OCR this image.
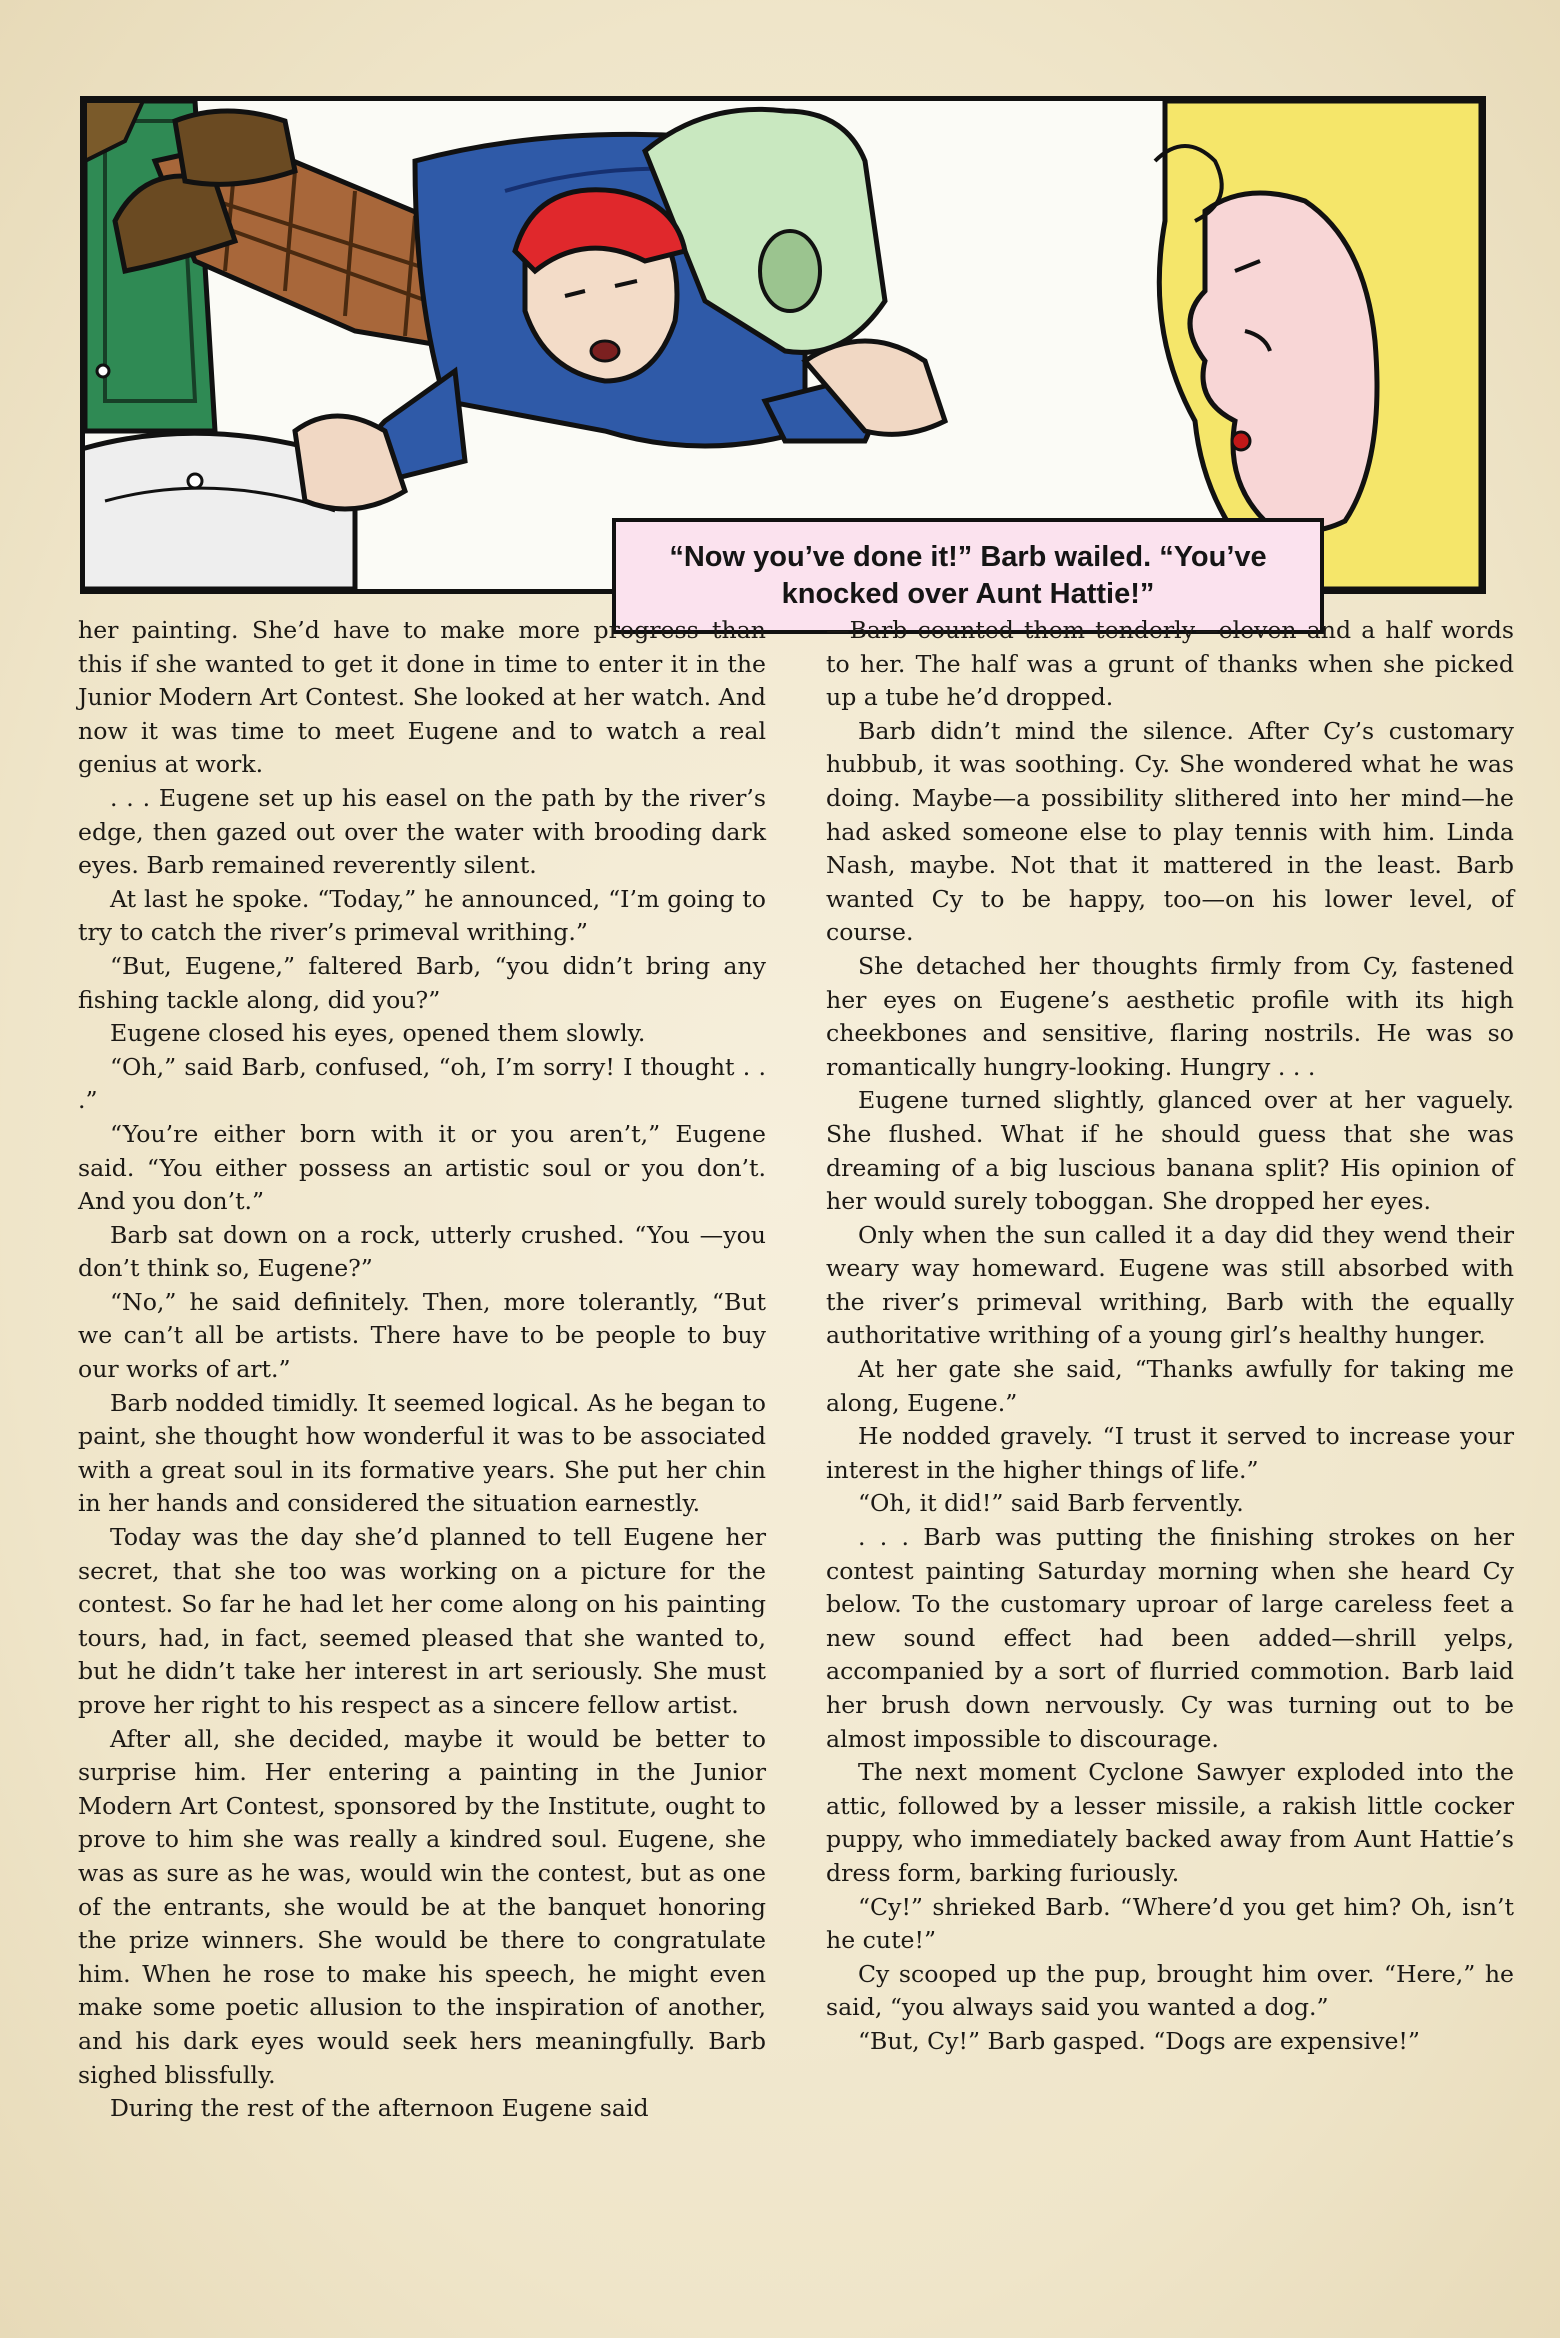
“Now you’ve done it!” Barb wailed. “You’ve
knocked over Aunt Hattie!”

her painting. She’d have to make more progress than this if she wanted to get it done in time to enter it in the Junior Modern Art Contest. She looked at her watch. And now it was time to meet Eugene and to watch a real genius at work.

. . . Eugene set up his easel on the path by the river’s edge, then gazed out over the water with brooding dark eyes. Barb remained reverently silent.

At last he spoke. “Today,” he announced, “I’m going to try to catch the river’s primeval writhing.”

“But, Eugene,” faltered Barb, “you didn’t bring any fishing tackle along, did you?”

Eugene closed his eyes, opened them slowly.

“Oh,” said Barb, confused, “oh, I’m sorry! I thought . . .”

“You’re either born with it or you aren’t,” Eugene said. “You either possess an artistic soul or you don’t. And you don’t.”

Barb sat down on a rock, utterly crushed. “You —you don’t think so, Eugene?”

“No,” he said definitely. Then, more tolerantly, “But we can’t all be artists. There have to be people to buy our works of art.”

Barb nodded timidly. It seemed logical. As he began to paint, she thought how wonderful it was to be associated with a great soul in its formative years. She put her chin in her hands and considered the situation earnestly.

Today was the day she’d planned to tell Eugene her secret, that she too was working on a picture for the contest. So far he had let her come along on his painting tours, had, in fact, seemed pleased that she wanted to, but he didn’t take her interest in art seriously. She must prove her right to his respect as a sincere fellow artist.

After all, she decided, maybe it would be better to surprise him. Her entering a painting in the Junior Modern Art Contest, sponsored by the Institute, ought to prove to him she was really a kindred soul. Eugene, she was as sure as he was, would win the contest, but as one of the entrants, she would be at the banquet honoring the prize winners. She would be there to congratulate him. When he rose to make his speech, he might even make some poetic allusion to the inspiration of another, and his dark eyes would seek hers meaningfully. Barb sighed blissfully.

During the rest of the afternoon Eugene said

—Barb counted them tenderly—eleven and a half words to her. The half was a grunt of thanks when she picked up a tube he’d dropped.

Barb didn’t mind the silence. After Cy’s customary hubbub, it was soothing. Cy. She wondered what he was doing. Maybe—a possibility slithered into her mind—he had asked someone else to play tennis with him. Linda Nash, maybe. Not that it mattered in the least. Barb wanted Cy to be happy, too—on his lower level, of course.

She detached her thoughts firmly from Cy, fastened her eyes on Eugene’s aesthetic profile with its high cheekbones and sensitive, flaring nostrils. He was so romantically hungry-looking. Hungry . . .

Eugene turned slightly, glanced over at her vaguely. She flushed. What if he should guess that she was dreaming of a big luscious banana split? His opinion of her would surely toboggan. She dropped her eyes.

Only when the sun called it a day did they wend their weary way homeward. Eugene was still absorbed with the river’s primeval writhing, Barb with the equally authoritative writhing of a young girl’s healthy hunger.

At her gate she said, “Thanks awfully for taking me along, Eugene.”

He nodded gravely. “I trust it served to increase your interest in the higher things of life.”

“Oh, it did!” said Barb fervently.

. . . Barb was putting the finishing strokes on her contest painting Saturday morning when she heard Cy below. To the customary uproar of large careless feet a new sound effect had been added—shrill yelps, accompanied by a sort of flurried commotion. Barb laid her brush down nervously. Cy was turning out to be almost impossible to discourage.

The next moment Cyclone Sawyer exploded into the attic, followed by a lesser missile, a rakish little cocker puppy, who immediately backed away from Aunt Hattie’s dress form, barking furiously.

“Cy!” shrieked Barb. “Where’d you get him? Oh, isn’t he cute!”

Cy scooped up the pup, brought him over. “Here,” he said, “you always said you wanted a dog.”

“But, Cy!” Barb gasped. “Dogs are expensive!”
